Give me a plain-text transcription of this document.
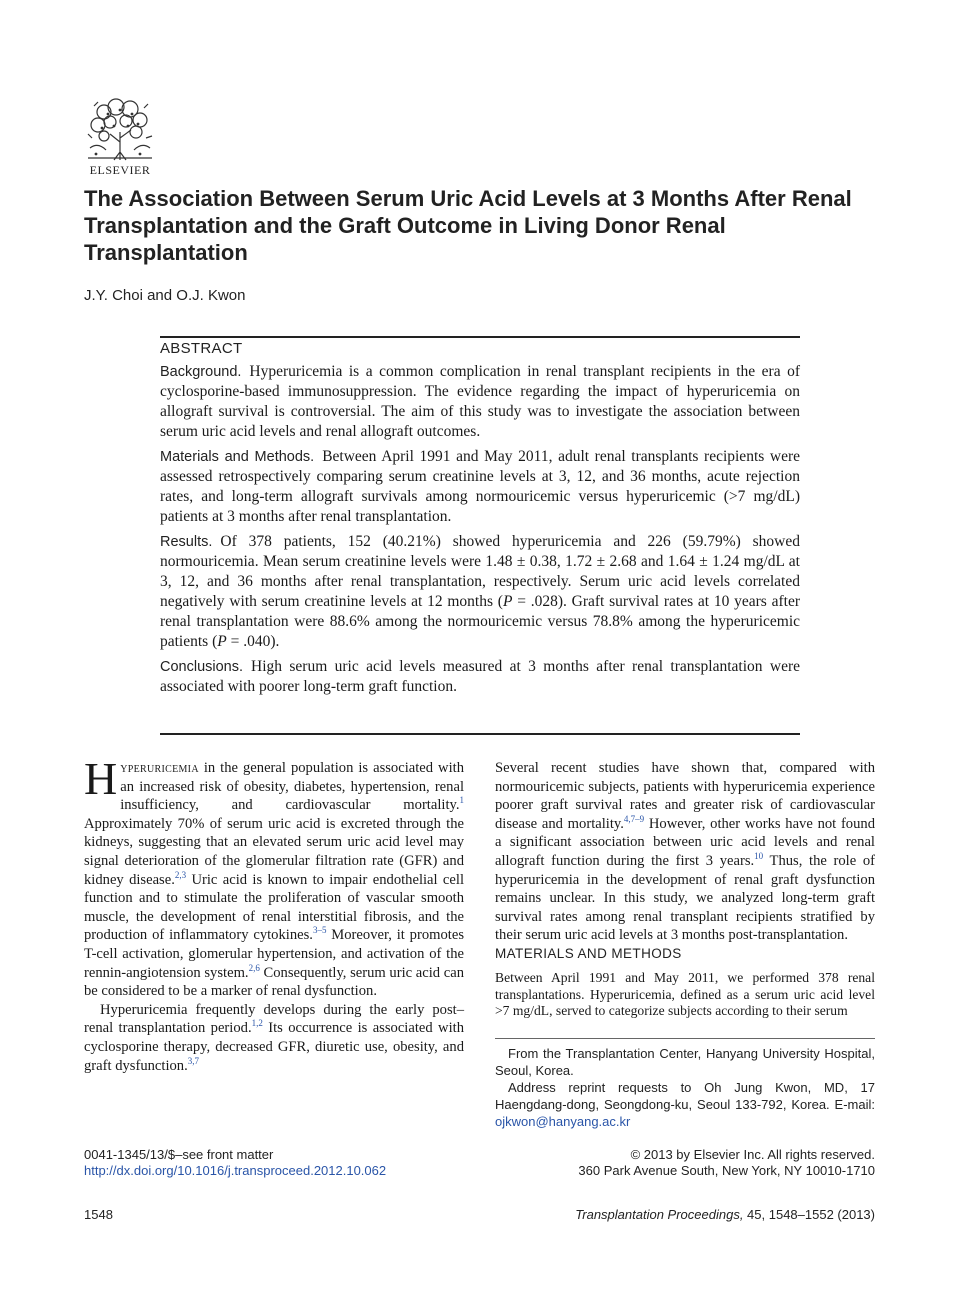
ELSEVIER
The Association Between Serum Uric Acid Levels at 3 Months After Renal Transplantation and the Graft Outcome in Living Donor Renal Transplantation
J.Y. Choi and O.J. Kwon
ABSTRACT

Background. Hyperuricemia is a common complication in renal transplant recipients in the era of cyclosporine-based immunosuppression. The evidence regarding the impact of hyperuricemia on allograft survival is controversial. The aim of this study was to investigate the association between serum uric acid levels and renal allograft outcomes.

Materials and Methods. Between April 1991 and May 2011, adult renal transplants recipients were assessed retrospectively comparing serum creatinine levels at 3, 12, and 36 months, acute rejection rates, and long-term allograft survivals among normouricemic versus hyperuricemic (>7 mg/dL) patients at 3 months after renal transplantation.

Results. Of 378 patients, 152 (40.21%) showed hyperuricemia and 226 (59.79%) showed normouricemia. Mean serum creatinine levels were 1.48 ± 0.38, 1.72 ± 2.68 and 1.64 ± 1.24 mg/dL at 3, 12, and 36 months after renal transplantation, respectively. Serum uric acid levels correlated negatively with serum creatinine levels at 12 months (P = .028). Graft survival rates at 10 years after renal transplantation were 88.6% among the normouricemic versus 78.8% among the hyperuricemic patients (P = .040).

Conclusions. High serum uric acid levels measured at 3 months after renal transplantation were associated with poorer long-term graft function.

Hyperuricemia in the general population is associated with an increased risk of obesity, diabetes, hypertension, renal insufficiency, and cardiovascular mortality.$^1$ Approximately 70% of serum uric acid is excreted through the kidneys, suggesting that an elevated serum uric acid level may signal deterioration of the glomerular filtration rate (GFR) and kidney disease.$^{2,3}$ Uric acid is known to impair endothelial cell function and to stimulate the proliferation of vascular smooth muscle, the development of renal interstitial fibrosis, and the production of inflammatory cytokines.$^{3-5}$ Moreover, it promotes T-cell activation, glomerular hypertension, and activation of the rennin-angiotension system.$^{2,6}$ Consequently, serum uric acid can be considered to be a marker of renal dysfunction.

Hyperuricemia frequently develops during the early post–renal transplantation period.$^{1,2}$ Its occurrence is associated with cyclosporine therapy, decreased GFR, diuretic use, obesity, and graft dysfunction.$^{3,7}$

MATERIALS AND METHODS

Between April 1991 and May 2011, we performed 378 renal transplantations. Hyperuricemia, defined as a serum uric acid level >7 mg/dL, served to categorize subjects according to their serum

From the Transplantation Center, Hanyang University Hospital, Seoul, Korea.

Address reprint requests to Oh Jung Kwon, MD, 17 Haengdang-dong, Seongdong-ku, Seoul 133-792, Korea. E-mail: ojkwon@hanyang.ac.kr

0041-1345/13/$–see front matter
http://dx.doi.org/10.1016/j.transproceed.2012.10.062
© 2013 by Elsevier Inc. All rights reserved.
360 Park Avenue South, New York, NY 10010-1710
1548	Transplantation Proceedings, 45, 1548–1552 (2013)

Several recent studies have shown that, compared with normouricemic subjects, patients with hyperuricemia experience poorer graft survival rates and greater risk of cardiovascular disease and mortality.$^{4,7-9}$ However, other works have not found a significant association between uric acid levels and renal allograft function during the first 3 years.$^{10}$ Thus, the role of hyperuricemia in the development of renal graft dysfunction remains unclear. In this study, we analyzed long-term graft survival rates among renal transplant recipients stratified by their serum uric acid levels at 3 months post-transplantation.
